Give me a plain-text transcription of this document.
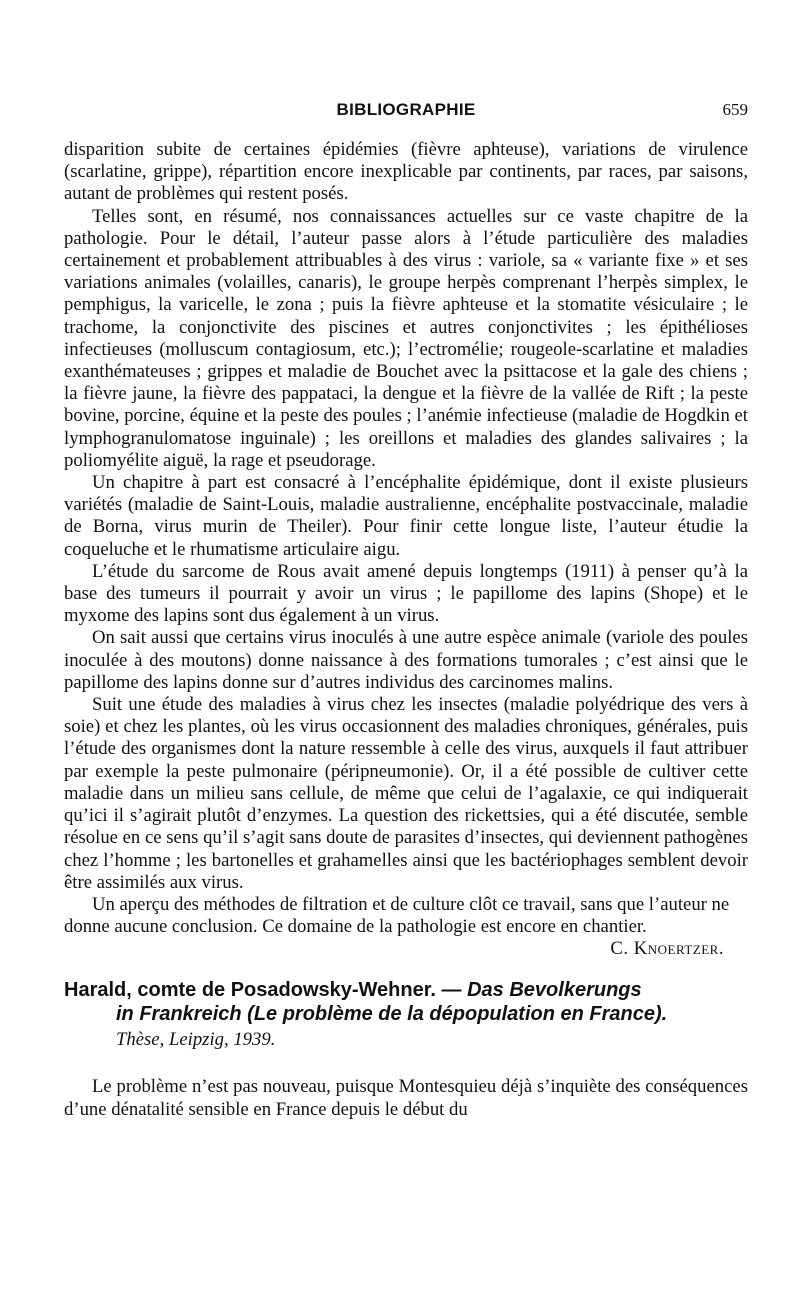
BIBLIOGRAPHIE	659

disparition subite de certaines épidémies (fièvre aphteuse), variations de virulence (scarlatine, grippe), répartition encore inexplicable par continents, par races, par saisons, autant de problèmes qui restent posés.

Telles sont, en résumé, nos connaissances actuelles sur ce vaste chapitre de la pathologie. Pour le détail, l’auteur passe alors à l’étude particulière des maladies certainement et probablement attribuables à des virus : variole, sa « variante fixe » et ses variations animales (volailles, canaris), le groupe herpès comprenant l’herpès simplex, le pemphigus, la varicelle, le zona ; puis la fièvre aphteuse et la stomatite vésiculaire ; le trachome, la conjonctivite des piscines et autres conjonctivites ; les épithélioses infectieuses (molluscum contagiosum, etc.); l’ectromélie; rougeole-scarlatine et maladies exanthémateuses ; grippes et maladie de Bouchet avec la psittacose et la gale des chiens ; la fièvre jaune, la fièvre des pappataci, la dengue et la fièvre de la vallée de Rift ; la peste bovine, porcine, équine et la peste des poules ; l’anémie infectieuse (maladie de Hogdkin et lymphogranulomatose inguinale) ; les oreillons et maladies des glandes salivaires ; la poliomyélite aiguë, la rage et pseudorage.

Un chapitre à part est consacré à l’encéphalite épidémique, dont il existe plusieurs variétés (maladie de Saint-Louis, maladie australienne, encéphalite postvaccinale, maladie de Borna, virus murin de Theiler). Pour finir cette longue liste, l’auteur étudie la coqueluche et le rhumatisme articulaire aigu.

L’étude du sarcome de Rous avait amené depuis longtemps (1911) à penser qu’à la base des tumeurs il pourrait y avoir un virus ; le papillome des lapins (Shope) et le myxome des lapins sont dus également à un virus.

On sait aussi que certains virus inoculés à une autre espèce animale (variole des poules inoculée à des moutons) donne naissance à des formations tumorales ; c’est ainsi que le papillome des lapins donne sur d’autres individus des carcinomes malins.

Suit une étude des maladies à virus chez les insectes (maladie polyédrique des vers à soie) et chez les plantes, où les virus occasionnent des maladies chroniques, générales, puis l’étude des organismes dont la nature ressemble à celle des virus, auxquels il faut attribuer par exemple la peste pulmonaire (péripneumonie). Or, il a été possible de cultiver cette maladie dans un milieu sans cellule, de même que celui de l’agalaxie, ce qui indiquerait qu’ici il s’agirait plutôt d’enzymes. La question des rickettsies, qui a été discutée, semble résolue en ce sens qu’il s’agit sans doute de parasites d’insectes, qui deviennent pathogènes chez l’homme ; les bartonelles et grahamelles ainsi que les bactériophages semblent devoir être assimilés aux virus.

Un aperçu des méthodes de filtration et de culture clôt ce travail, sans que l’auteur ne donne aucune conclusion. Ce domaine de la pathologie est encore en chantier.
C. Knoertzer.

Harald, comte de Posadowsky-Wehner. — Das Bevolkerungs
in Frankreich (Le problème de la dépopulation en France).
Thèse, Leipzig, 1939.

Le problème n’est pas nouveau, puisque Montesquieu déjà s’inquiète des conséquences d’une dénatalité sensible en France depuis le début du
